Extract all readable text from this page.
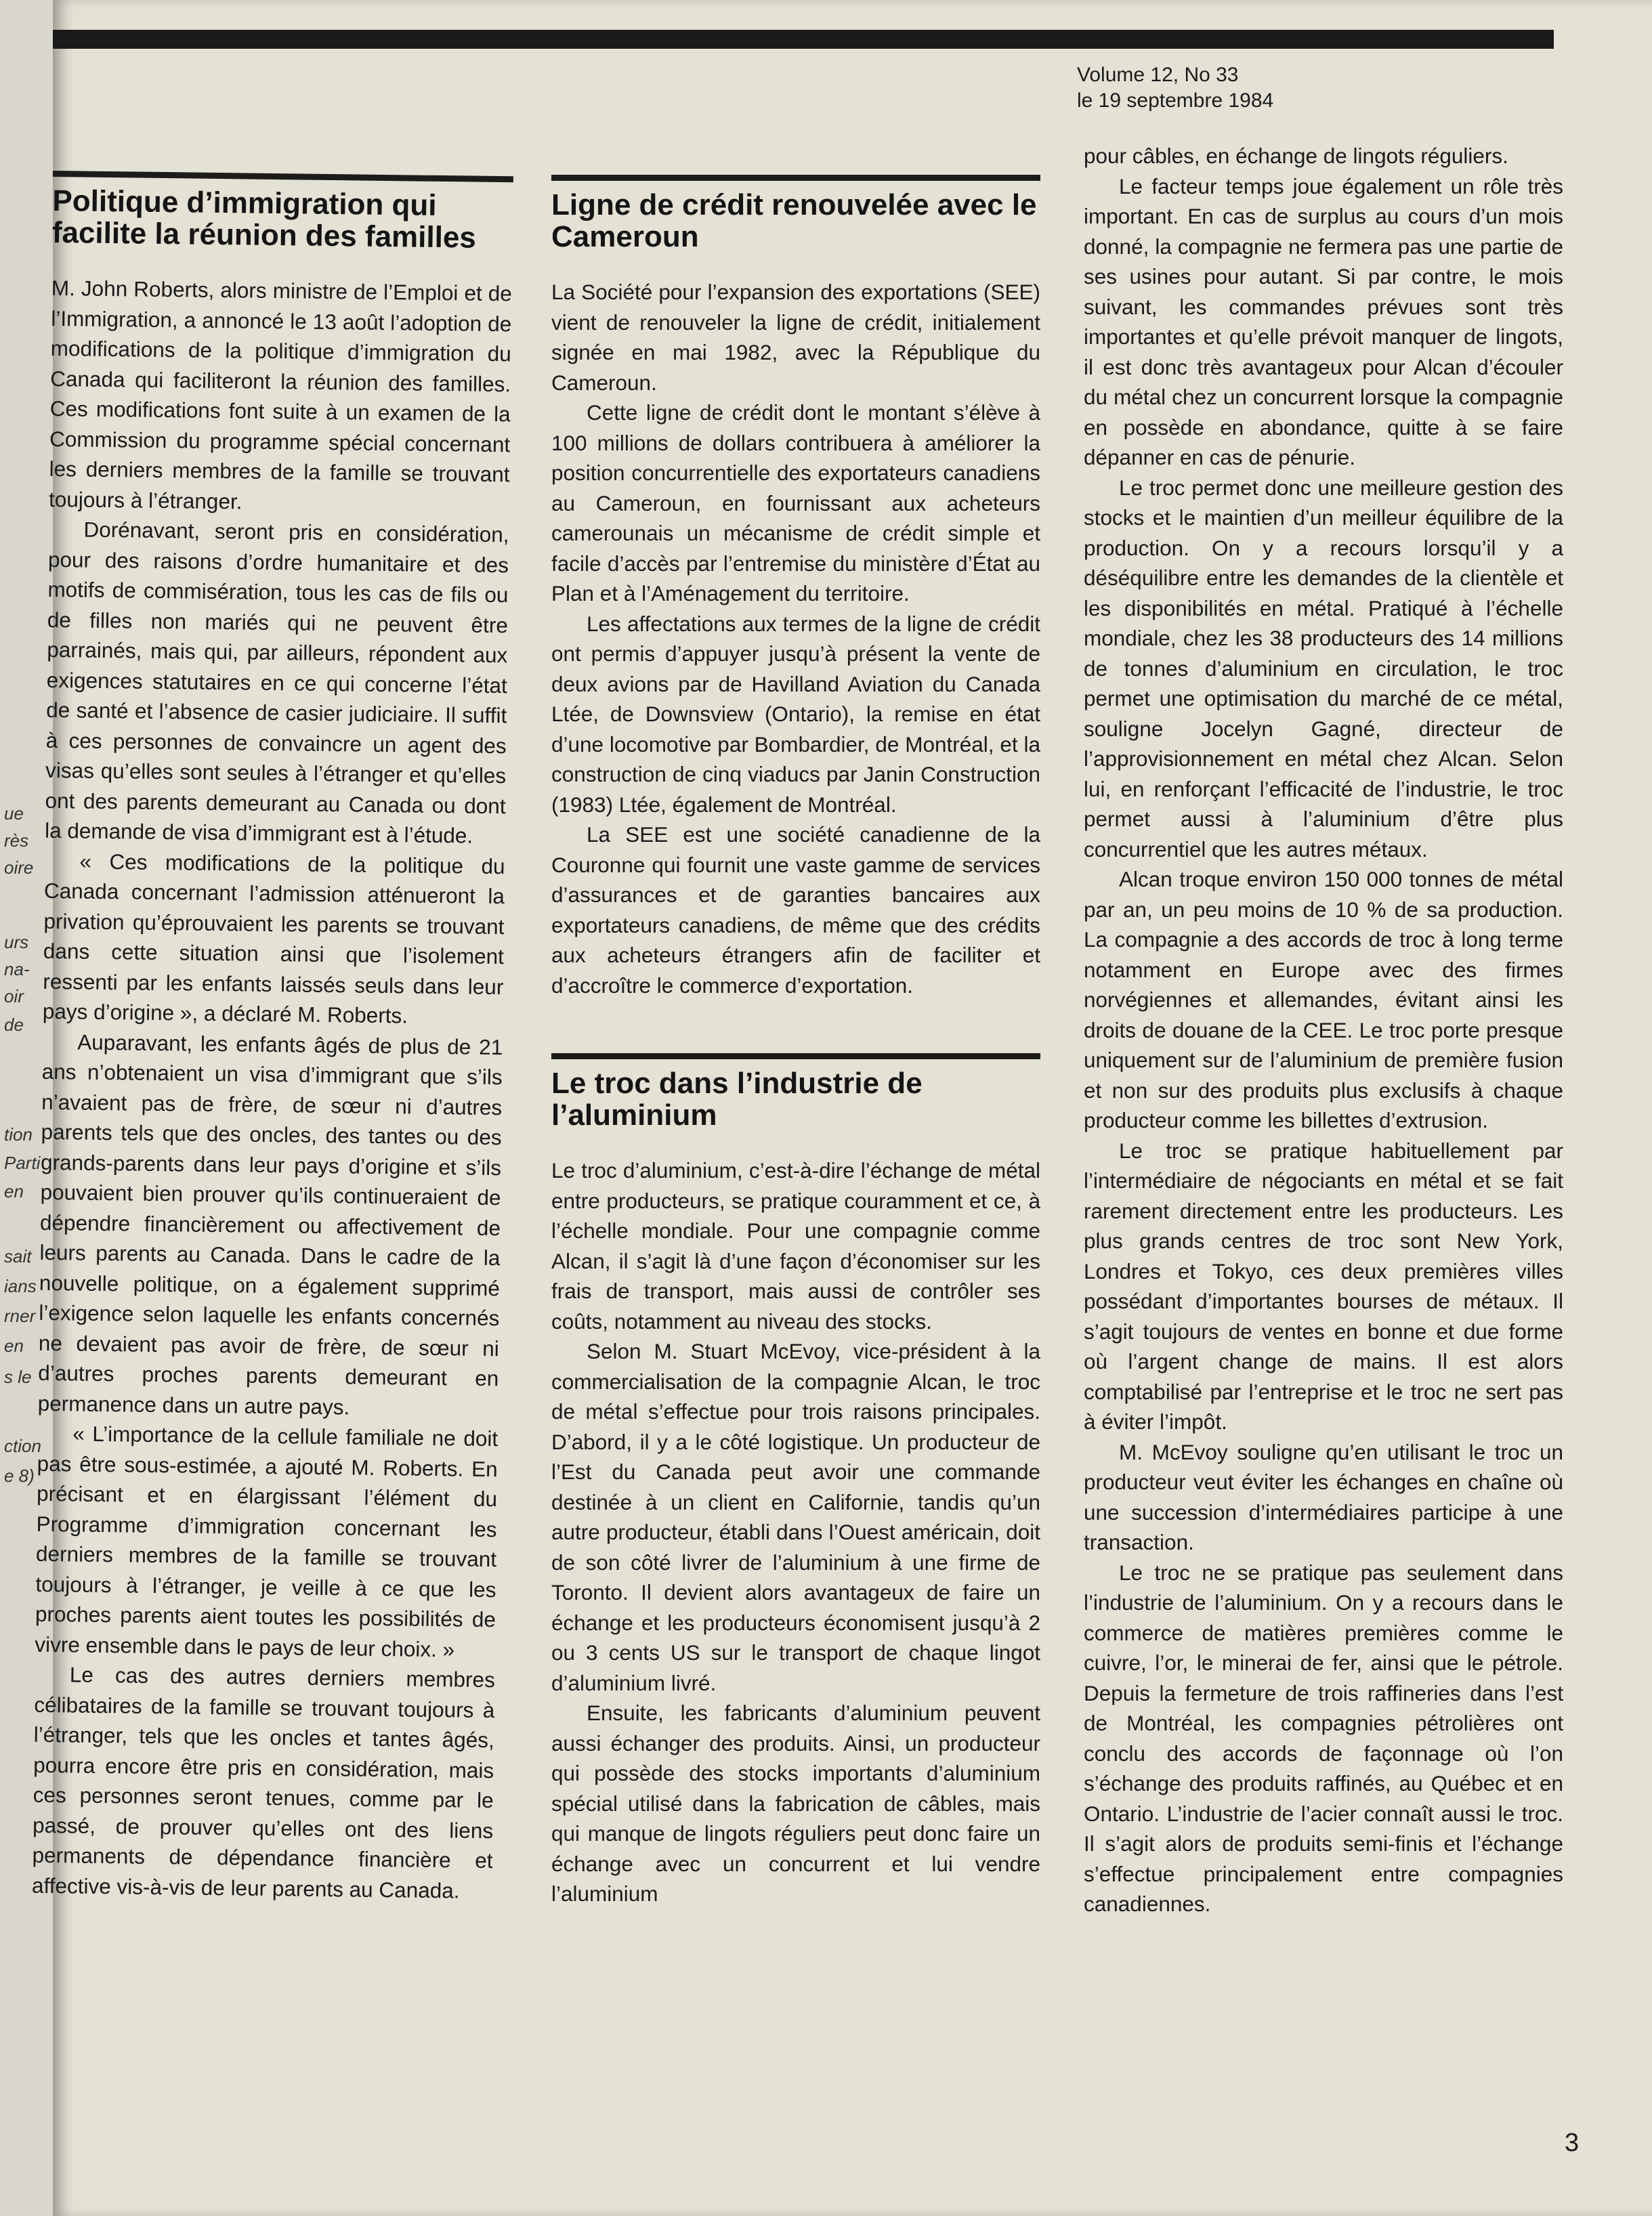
ue
rès
oire
urs
na-
oir
de
tion
Parti
en
sait
ians
rner
en
s le
ction
e 8)
Volume 12, No 33
le 19 septembre 1984
Politique d’immigration qui facilite la réunion des familles

M. John Roberts, alors ministre de l’Emploi et de l’Immigration, a annoncé le 13 août l’adoption de modifications de la politique d’immigration du Canada qui faciliteront la réunion des familles. Ces modifications font suite à un examen de la Commission du programme spécial concernant les derniers membres de la famille se trouvant toujours à l’étranger.

Dorénavant, seront pris en considération, pour des raisons d’ordre humanitaire et des motifs de commisération, tous les cas de fils ou de filles non mariés qui ne peuvent être parrainés, mais qui, par ailleurs, répondent aux exigences statutaires en ce qui concerne l’état de santé et l’absence de casier judiciaire. Il suffit à ces personnes de convaincre un agent des visas qu’elles sont seules à l’étranger et qu’elles ont des parents demeurant au Canada ou dont la demande de visa d’immigrant est à l’étude.

« Ces modifications de la politique du Canada concernant l’admission atténueront la privation qu’éprouvaient les parents se trouvant dans cette situation ainsi que l’isolement ressenti par les enfants laissés seuls dans leur pays d’origine », a déclaré M. Roberts.

Auparavant, les enfants âgés de plus de 21 ans n’obtenaient un visa d’immigrant que s’ils n’avaient pas de frère, de sœur ni d’autres parents tels que des oncles, des tantes ou des grands-parents dans leur pays d’origine et s’ils pouvaient bien prouver qu’ils continueraient de dépendre financièrement ou affectivement de leurs parents au Canada. Dans le cadre de la nouvelle politique, on a également supprimé l’exigence selon laquelle les enfants concernés ne devaient pas avoir de frère, de sœur ni d’autres proches parents demeurant en permanence dans un autre pays.

« L’importance de la cellule familiale ne doit pas être sous-estimée, a ajouté M. Roberts. En précisant et en élargissant l’élément du Programme d’immigration concernant les derniers membres de la famille se trouvant toujours à l’étranger, je veille à ce que les proches parents aient toutes les possibilités de vivre ensemble dans le pays de leur choix. »

Le cas des autres derniers membres célibataires de la famille se trouvant toujours à l’étranger, tels que les oncles et tantes âgés, pourra encore être pris en considération, mais ces personnes seront tenues, comme par le passé, de prouver qu’elles ont des liens permanents de dépendance financière et affective vis-à-vis de leur parents au Canada.

Ligne de crédit renouvelée avec le Cameroun

La Société pour l’expansion des exportations (SEE) vient de renouveler la ligne de crédit, initialement signée en mai 1982, avec la République du Cameroun.

Cette ligne de crédit dont le montant s’élève à 100 millions de dollars contribuera à améliorer la position concurrentielle des exportateurs canadiens au Cameroun, en fournissant aux acheteurs camerounais un mécanisme de crédit simple et facile d’accès par l’entremise du ministère d’État au Plan et à l’Aménagement du territoire.

Les affectations aux termes de la ligne de crédit ont permis d’appuyer jusqu’à présent la vente de deux avions par de Havilland Aviation du Canada Ltée, de Downsview (Ontario), la remise en état d’une locomotive par Bombardier, de Montréal, et la construction de cinq viaducs par Janin Construction (1983) Ltée, également de Montréal.

La SEE est une société canadienne de la Couronne qui fournit une vaste gamme de services d’assurances et de garanties bancaires aux exportateurs canadiens, de même que des crédits aux acheteurs étrangers afin de faciliter et d’accroître le commerce d’exportation.

Le troc dans l’industrie de l’aluminium

Le troc d’aluminium, c’est-à-dire l’échange de métal entre producteurs, se pratique couramment et ce, à l’échelle mondiale. Pour une compagnie comme Alcan, il s’agit là d’une façon d’économiser sur les frais de transport, mais aussi de contrôler ses coûts, notamment au niveau des stocks.

Selon M. Stuart McEvoy, vice-président à la commercialisation de la compagnie Alcan, le troc de métal s’effectue pour trois raisons principales. D’abord, il y a le côté logistique. Un producteur de l’Est du Canada peut avoir une commande destinée à un client en Californie, tandis qu’un autre producteur, établi dans l’Ouest américain, doit de son côté livrer de l’aluminium à une firme de Toronto. Il devient alors avantageux de faire un échange et les producteurs économisent jusqu’à 2 ou 3 cents US sur le transport de chaque lingot d’aluminium livré.

Ensuite, les fabricants d’aluminium peuvent aussi échanger des produits. Ainsi, un producteur qui possède des stocks importants d’aluminium spécial utilisé dans la fabrication de câbles, mais qui manque de lingots réguliers peut donc faire un échange avec un concurrent et lui vendre l’aluminium

pour câbles, en échange de lingots réguliers.

Le facteur temps joue également un rôle très important. En cas de surplus au cours d’un mois donné, la compagnie ne fermera pas une partie de ses usines pour autant. Si par contre, le mois suivant, les commandes prévues sont très importantes et qu’elle prévoit manquer de lingots, il est donc très avantageux pour Alcan d’écouler du métal chez un concurrent lorsque la compagnie en possède en abondance, quitte à se faire dépanner en cas de pénurie.

Le troc permet donc une meilleure gestion des stocks et le maintien d’un meilleur équilibre de la production. On y a recours lorsqu’il y a déséquilibre entre les demandes de la clientèle et les disponibilités en métal. Pratiqué à l’échelle mondiale, chez les 38 producteurs des 14 millions de tonnes d’aluminium en circulation, le troc permet une optimisation du marché de ce métal, souligne Jocelyn Gagné, directeur de l’approvisionnement en métal chez Alcan. Selon lui, en renforçant l’efficacité de l’industrie, le troc permet aussi à l’aluminium d’être plus concurrentiel que les autres métaux.

Alcan troque environ 150 000 tonnes de métal par an, un peu moins de 10 % de sa production. La compagnie a des accords de troc à long terme notamment en Europe avec des firmes norvégiennes et allemandes, évitant ainsi les droits de douane de la CEE. Le troc porte presque uniquement sur de l’aluminium de première fusion et non sur des produits plus exclusifs à chaque producteur comme les billettes d’extrusion.

Le troc se pratique habituellement par l’intermédiaire de négociants en métal et se fait rarement directement entre les producteurs. Les plus grands centres de troc sont New York, Londres et Tokyo, ces deux premières villes possédant d’importantes bourses de métaux. Il s’agit toujours de ventes en bonne et due forme où l’argent change de mains. Il est alors comptabilisé par l’entreprise et le troc ne sert pas à éviter l’impôt.

M. McEvoy souligne qu’en utilisant le troc un producteur veut éviter les échanges en chaîne où une succession d’intermédiaires participe à une transaction.

Le troc ne se pratique pas seulement dans l’industrie de l’aluminium. On y a recours dans le commerce de matières premières comme le cuivre, l’or, le minerai de fer, ainsi que le pétrole. Depuis la fermeture de trois raffineries dans l’est de Montréal, les compagnies pétrolières ont conclu des accords de façonnage où l’on s’échange des produits raffinés, au Québec et en Ontario. L’industrie de l’acier connaît aussi le troc. Il s’agit alors de produits semi-finis et l’échange s’effectue principalement entre compagnies canadiennes.

3
